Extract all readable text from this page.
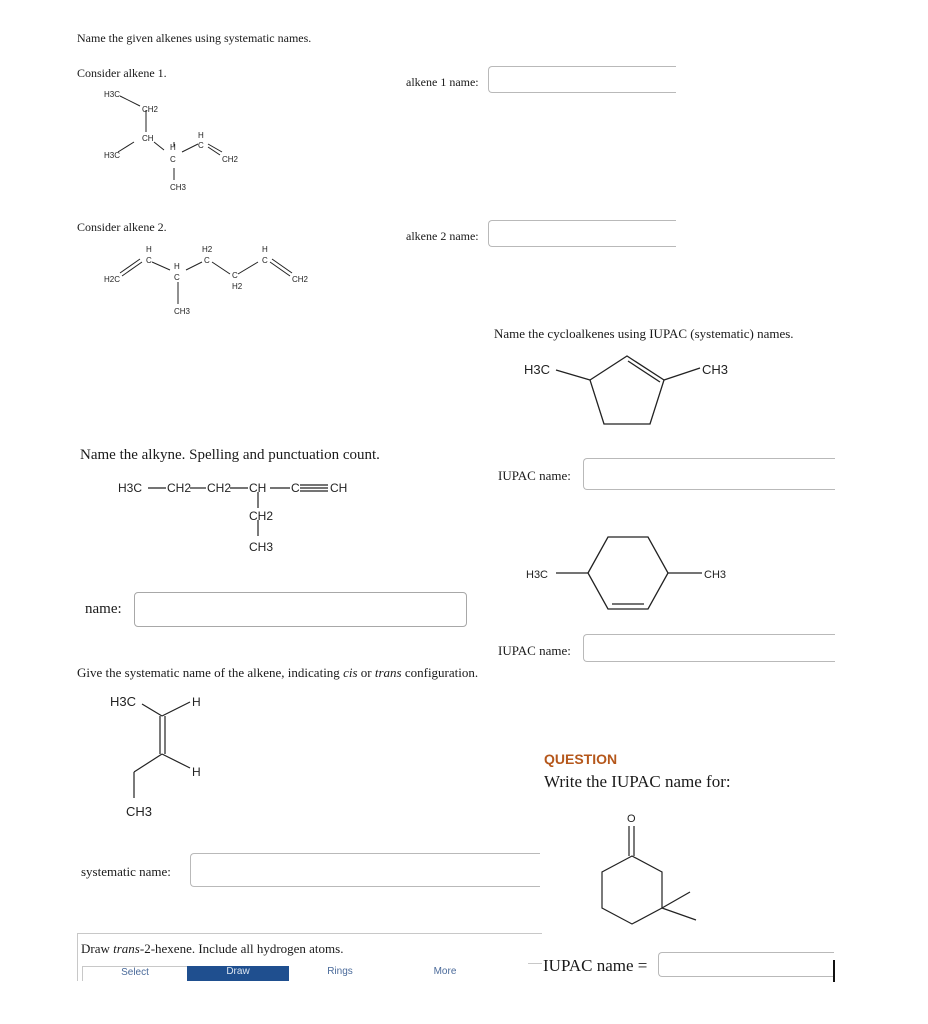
Name the given alkenes using systematic names.
Consider alkene 1.
alkene 1 name:
H3C
CH2
CH
H3C
H
C
H
C
CH2
CH3
Consider alkene 2.
alkene 2 name:
H2C
H
C
H
C
H2
C
C
H2
H
C
CH2
CH3
Name the cycloalkenes using IUPAC (systematic) names.
H3C	CH3
IUPAC name:
H3C	CH3
IUPAC name:
Name the alkyne. Spelling and punctuation count.
H3C CH2 CH2 CH C	CH
CH2
CH3
name:
Give the systematic name of the alkene, indicating cis or trans configuration.
H3C	H
H
CH3
systematic name:
Draw trans-2-hexene. Include all hydrogen atoms.
Select	Draw	Rings	More
QUESTION
Write the IUPAC name for:
O
IUPAC name =
